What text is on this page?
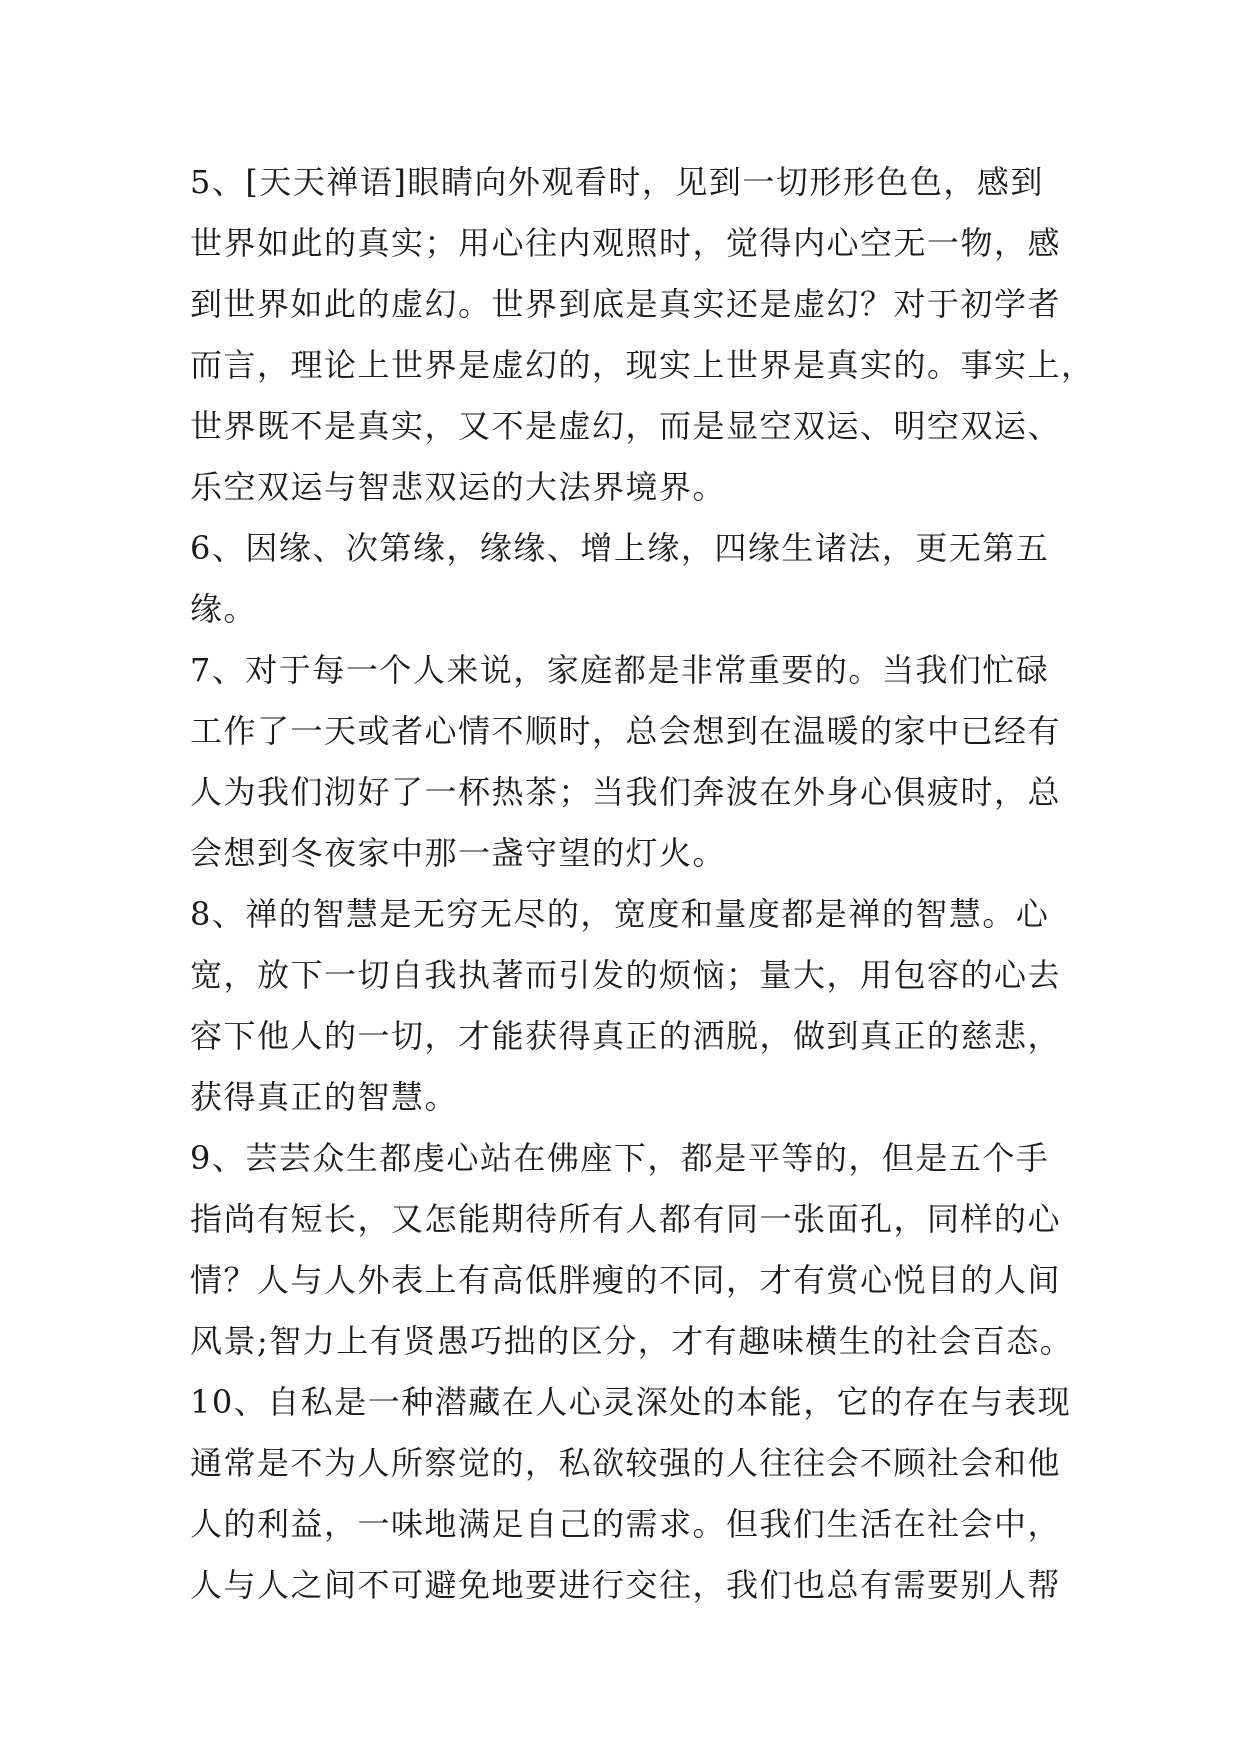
5、[天天禅语]眼睛向外观看时，见到一切形形色色，感到
世界如此的真实；用心往内观照时，觉得内心空无一物，感
到世界如此的虚幻。世界到底是真实还是虚幻？对于初学者
而言，理论上世界是虚幻的，现实上世界是真实的。事实上，
世界既不是真实，又不是虚幻，而是显空双运、明空双运、
乐空双运与智悲双运的大法界境界。
6、因缘、次第缘，缘缘、增上缘，四缘生诸法，更无第五
缘。
7、对于每一个人来说，家庭都是非常重要的。当我们忙碌
工作了一天或者心情不顺时，总会想到在温暖的家中已经有
人为我们沏好了一杯热茶；当我们奔波在外身心俱疲时，总
会想到冬夜家中那一盏守望的灯火。
8、禅的智慧是无穷无尽的，宽度和量度都是禅的智慧。心
宽，放下一切自我执著而引发的烦恼；量大，用包容的心去
容下他人的一切，才能获得真正的洒脱，做到真正的慈悲，
获得真正的智慧。
9、芸芸众生都虔心站在佛座下，都是平等的，但是五个手
指尚有短长，又怎能期待所有人都有同一张面孔，同样的心
情？人与人外表上有高低胖瘦的不同，才有赏心悦目的人间
风景;智力上有贤愚巧拙的区分，才有趣味横生的社会百态。
10、自私是一种潜藏在人心灵深处的本能，它的存在与表现
通常是不为人所察觉的，私欲较强的人往往会不顾社会和他
人的利益，一味地满足自己的需求。但我们生活在社会中，
人与人之间不可避免地要进行交往，我们也总有需要别人帮
